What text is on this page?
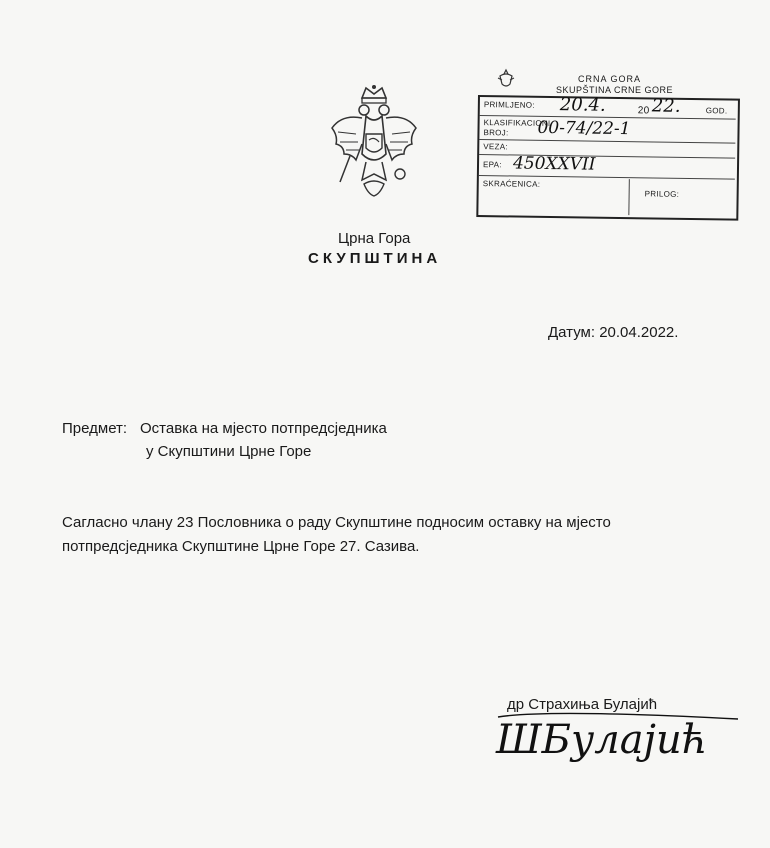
Црна Гора
СКУПШТИНА
CRNA GORA
SKUPŠTINA CRNE GORE
PRIMLJENO: 20.4.	20 22.	GOD.
KLASIFIKACIONI
BROJ: 00-74/22-1
VEZA:
EPA: 450XXVII
SKRAĆENICA:
PRILOG:
Датум: 20.04.2022.
Предмет: Оставка на мјесто потпредсједника
у Скупштини Црне Горе
Сагласно члану 23 Пословника о раду Скупштине подносим оставку на мјесто потпредсједника Скупштине Црне Горе 27. Сазива.
др Страхиња Булајић
ШБулајић
